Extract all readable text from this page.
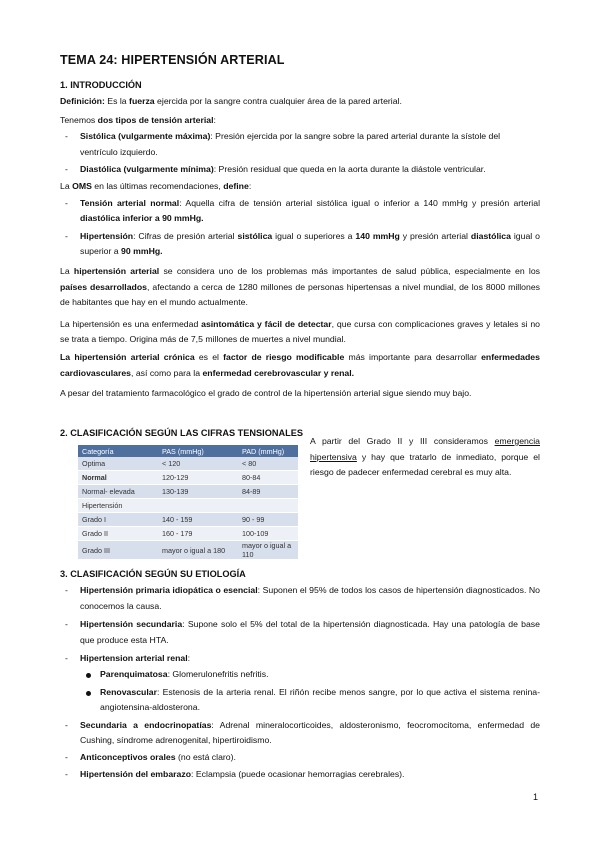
TEMA 24: HIPERTENSIÓN ARTERIAL
1. INTRODUCCIÓN

Definición: Es la fuerza ejercida por la sangre contra cualquier área de la pared arterial.

Tenemos dos tipos de tensión arterial:

- Sistólica (vulgarmente máxima): Presión ejercida por la sangre sobre la pared arterial durante la sístole del ventrículo izquierdo.
- Diastólica (vulgarmente mínima): Presión residual que queda en la aorta durante la diástole ventricular.

La OMS en las últimas recomendaciones, define:

- Tensión arterial normal: Aquella cifra de tensión arterial sistólica igual o inferior a 140 mmHg y presión arterial diastólica inferior a 90 mmHg.
- Hipertensión: Cifras de presión arterial sistólica igual o superiores a 140 mmHg y presión arterial diastólica igual o superior a 90 mmHg.

La hipertensión arterial se considera uno de los problemas más importantes de salud pública, especialmente en los países desarrollados, afectando a cerca de 1280 millones de personas hipertensas a nivel mundial, de los 8000 millones de habitantes que hay en el mundo actualmente.

La hipertensión es una enfermedad asintomática y fácil de detectar, que cursa con complicaciones graves y letales si no se trata a tiempo. Origina más de 7,5 millones de muertes a nivel mundial.

La hipertensión arterial crónica es el factor de riesgo modificable más importante para desarrollar enfermedades cardiovasculares, así como para la enfermedad cerebrovascular y renal.

A pesar del tratamiento farmacológico el grado de control de la hipertensión arterial sigue siendo muy bajo.

2. CLASIFICACIÓN SEGÚN LAS CIFRAS TENSIONALES
Categoría	PAS (mmHg)	PAD (mmHg)
Optima	< 120	< 80
Normal	120-129	80-84
Normal- elevada	130-139	84-89
Hipertensión		
Grado I	140 - 159	90 - 99
Grado II	160 - 179	100-109
Grado III	mayor o igual a 180	mayor o igual a 110

A partir del Grado II y III consideramos emergencia hipertensiva y hay que tratarlo de inmediato, porque el riesgo de padecer enfermedad cerebral es muy alta.

3. CLASIFICACIÓN SEGÚN SU ETIOLOGÍA
- Hipertensión primaria idiopática o esencial: Suponen el 95% de todos los casos de hipertensión diagnosticados. No conocemos la causa.
- Hipertensión secundaria: Supone solo el 5% del total de la hipertensión diagnosticada. Hay una patología de base que produce esta HTA.
- Hipertension arterial renal:
Parenquimatosa: Glomerulonefritis nefritis.
Renovascular: Estenosis de la arteria renal. El riñón recibe menos sangre, por lo que activa el sistema renina-angiotensina-aldosterona.
- Secundaria a endocrinopatías: Adrenal mineralocorticoides, aldosteronismo, feocromocitoma, enfermedad de Cushing, síndrome adrenogenital, hipertiroidismo.
- Anticonceptivos orales (no está claro).
- Hipertensión del embarazo: Eclampsia (puede ocasionar hemorragias cerebrales).
1
